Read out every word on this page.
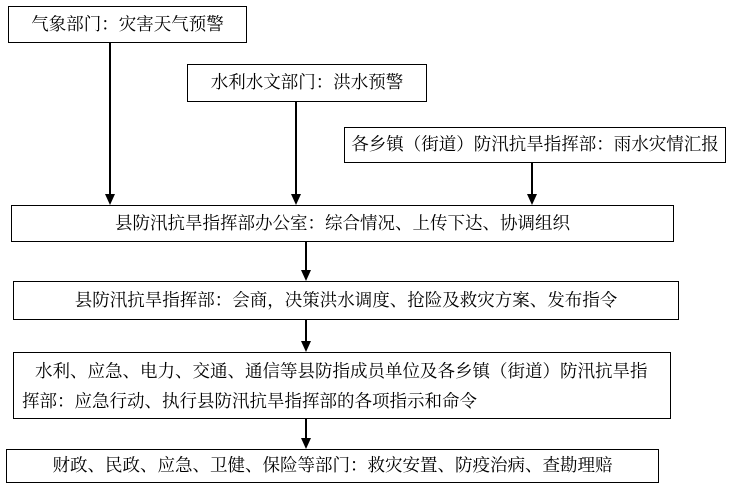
气象部门：灾害天气预警
水利水文部门：洪水预警
各乡镇（街道）防汛抗旱指挥部：雨水灾情汇报
县防汛抗旱指挥部办公室：综合情况、上传下达、协调组织
县防汛抗旱指挥部：会商，决策洪水调度、抢险及救灾方案、发布指令
水利、应急、电力、交通、通信等县防指成员单位及各乡镇（街道）防汛抗旱指
挥部：应急行动、执行县防汛抗旱指挥部的各项指示和命令
财政、民政、应急、卫健、保险等部门：救灾安置、防疫治病、查勘理赔
